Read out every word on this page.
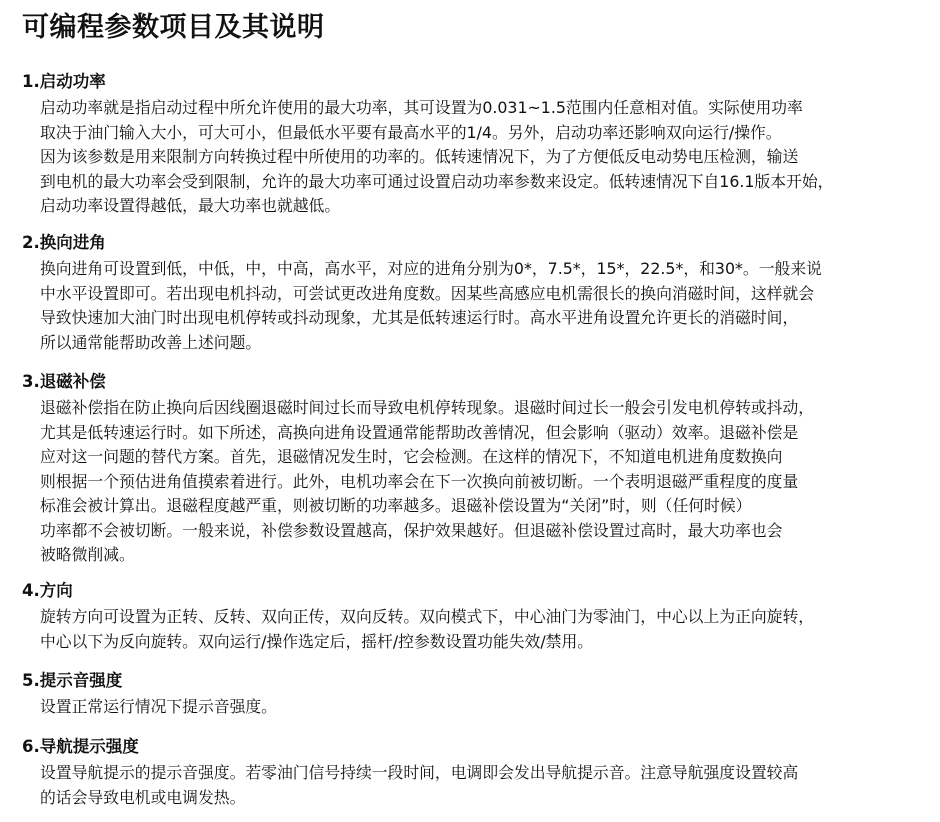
可编程参数项目及其说明
1.启动功率
启动功率就是指启动过程中所允许使用的最大功率，其可设置为0.031~1.5范围内任意相对值。实际使用功率
取决于油门输入大小，可大可小，但最低水平要有最高水平的1/4。另外，启动功率还影响双向运行/操作。
因为该参数是用来限制方向转换过程中所使用的功率的。低转速情况下，为了方便低反电动势电压检测，输送
到电机的最大功率会受到限制，允许的最大功率可通过设置启动功率参数来设定。低转速情况下自16.1版本开始，
启动功率设置得越低，最大功率也就越低。
2.换向进角
换向进角可设置到低，中低，中，中高，高水平，对应的进角分别为0*，7.5*，15*，22.5*，和30*。一般来说
中水平设置即可。若出现电机抖动，可尝试更改进角度数。因某些高感应电机需很长的换向消磁时间，这样就会
导致快速加大油门时出现电机停转或抖动现象，尤其是低转速运行时。高水平进角设置允许更长的消磁时间，
所以通常能帮助改善上述问题。
3.退磁补偿
退磁补偿指在防止换向后因线圈退磁时间过长而导致电机停转现象。退磁时间过长一般会引发电机停转或抖动，
尤其是低转速运行时。如下所述，高换向进角设置通常能帮助改善情况，但会影响（驱动）效率。退磁补偿是
应对这一问题的替代方案。首先，退磁情况发生时，它会检测。在这样的情况下，不知道电机进角度数换向
则根据一个预估进角值摸索着进行。此外，电机功率会在下一次换向前被切断。一个表明退磁严重程度的度量
标准会被计算出。退磁程度越严重，则被切断的功率越多。退磁补偿设置为“关闭”时，则（任何时候）
功率都不会被切断。一般来说，补偿参数设置越高，保护效果越好。但退磁补偿设置过高时，最大功率也会
被略微削减。
4.方向
旋转方向可设置为正转、反转、双向正传，双向反转。双向模式下，中心油门为零油门，中心以上为正向旋转，
中心以下为反向旋转。双向运行/操作选定后，摇杆/控参数设置功能失效/禁用。
5.提示音强度
设置正常运行情况下提示音强度。
6.导航提示强度
设置导航提示的提示音强度。若零油门信号持续一段时间，电调即会发出导航提示音。注意导航强度设置较高
的话会导致电机或电调发热。
